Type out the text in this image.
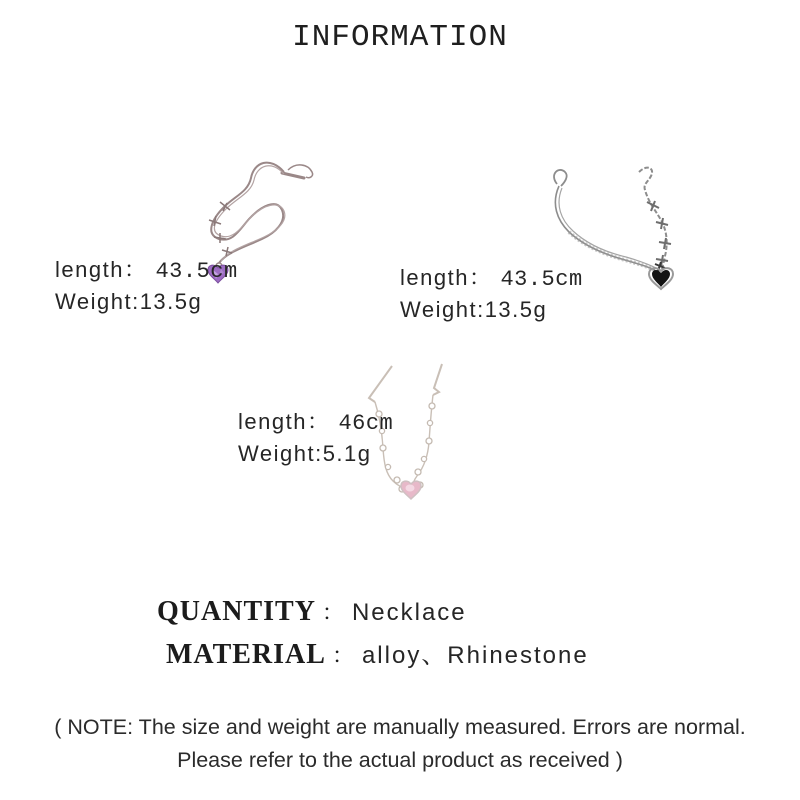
INFORMATION
length： 43.5cm
Weight:13.5g
length： 43.5cm
Weight:13.5g
length： 46cm
Weight:5.1g
QUANTITY ： Necklace
MATERIAL ： alloy、Rhinestone
( NOTE: The size and weight are manually measured. Errors are normal.
Please refer to the actual product as received )
